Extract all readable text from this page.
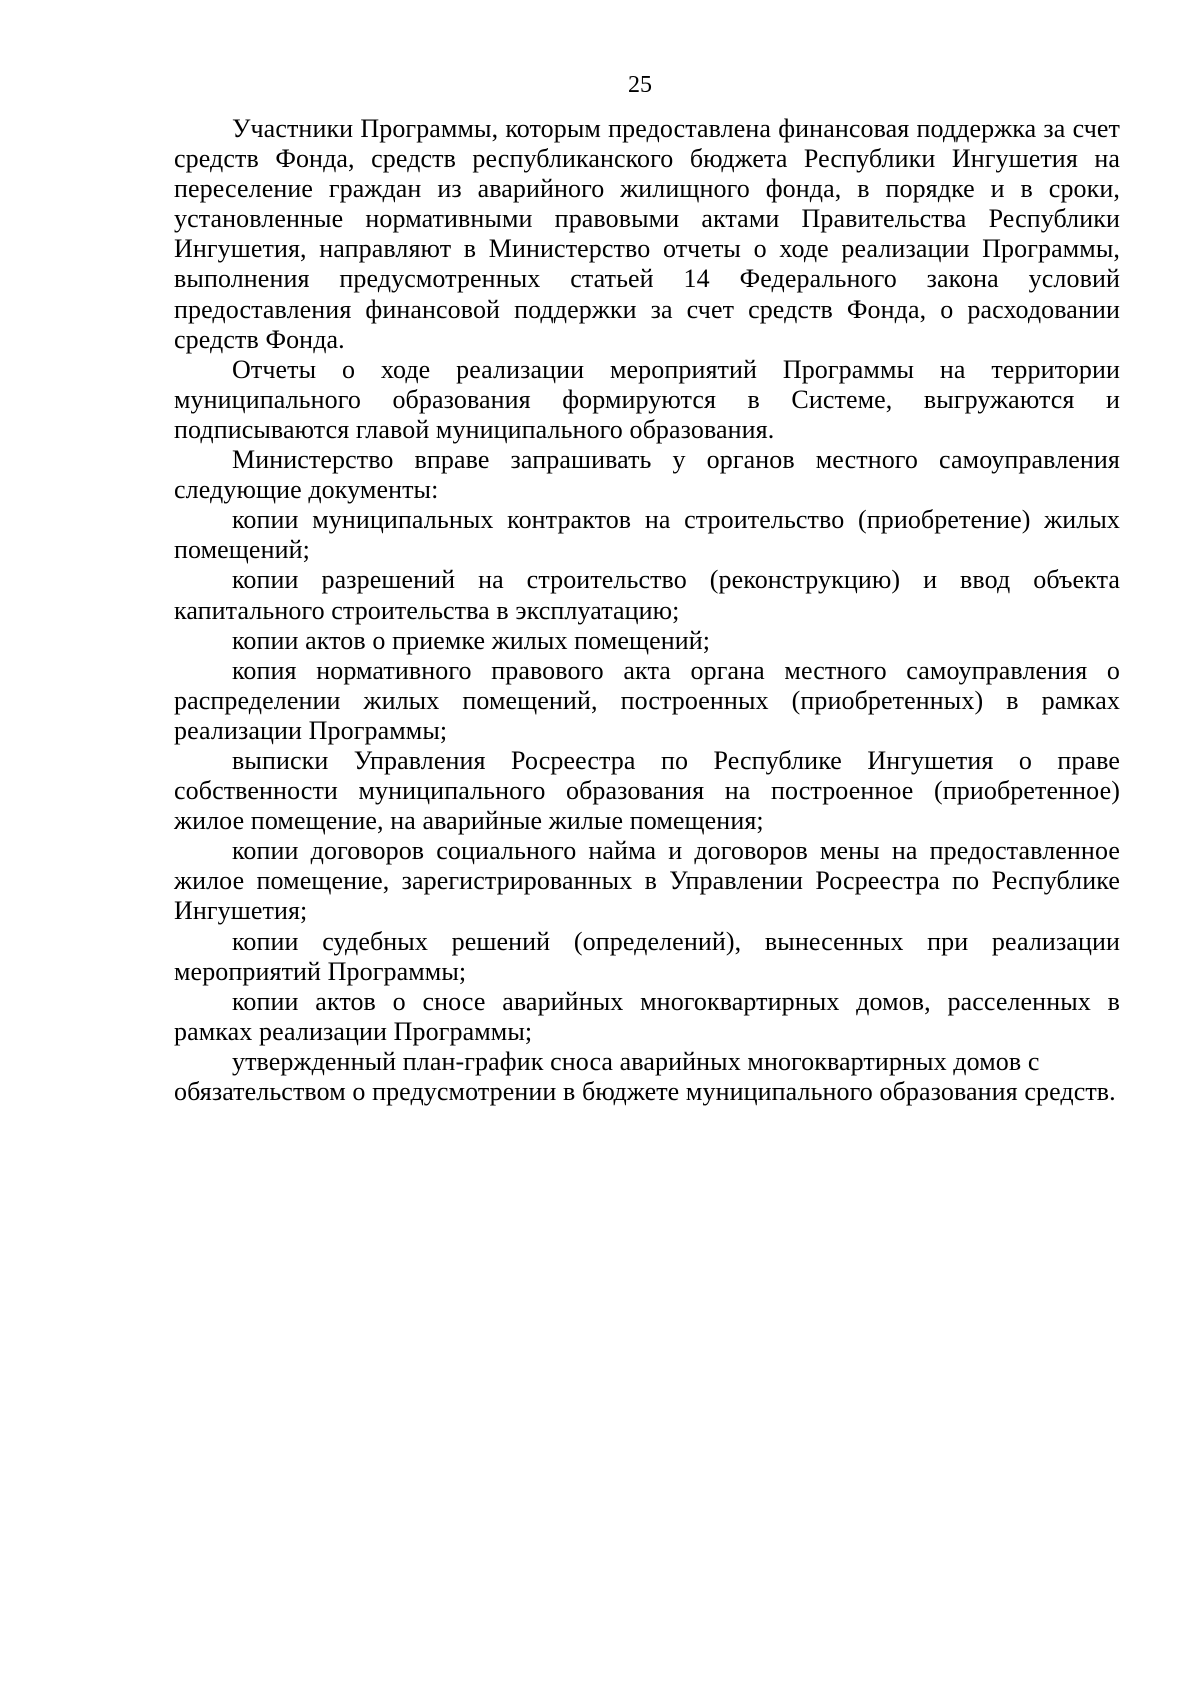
25

Участники Программы, которым предоставлена финансовая поддержка за счет средств Фонда, средств республиканского бюджета Республики Ингушетия на переселение граждан из аварийного жилищного фонда, в порядке и в сроки, установленные нормативными правовыми актами Правительства Республики Ингушетия, направляют в Министерство отчеты о ходе реализации Программы, выполнения предусмотренных статьей 14 Федерального закона условий предоставления финансовой поддержки за счет средств Фонда, о расходовании средств Фонда.

Отчеты о ходе реализации мероприятий Программы на территории муниципального образования формируются в Системе, выгружаются и подписываются главой муниципального образования.

Министерство вправе запрашивать у органов местного самоуправления следующие документы:

копии муниципальных контрактов на строительство (приобретение) жилых помещений;

копии разрешений на строительство (реконструкцию) и ввод объекта капитального строительства в эксплуатацию;

копии актов о приемке жилых помещений;

копия нормативного правового акта органа местного самоуправления о распределении жилых помещений, построенных (приобретенных) в рамках реализации Программы;

выписки Управления Росреестра по Республике Ингушетия о праве собственности муниципального образования на построенное (приобретенное) жилое помещение, на аварийные жилые помещения;

копии договоров социального найма и договоров мены на предоставленное жилое помещение, зарегистрированных в Управлении Росреестра по Республике Ингушетия;

копии судебных решений (определений), вынесенных при реализации мероприятий Программы;

копии актов о сносе аварийных многоквартирных домов, расселенных в рамках реализации Программы;

утвержденный план-график сноса аварийных многоквартирных домов с обязательством о предусмотрении в бюджете муниципального образования средств.
